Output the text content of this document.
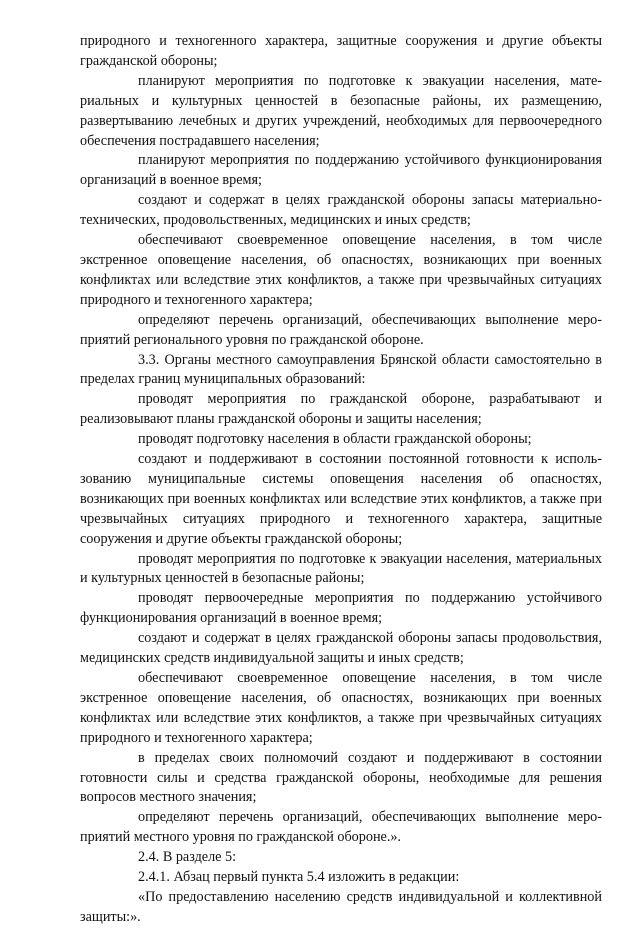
природного и техногенного характера, защитные сооружения и другие объекты гражданской обороны;

планируют мероприятия по подготовке к эвакуации населения, материальных и культурных ценностей в безопасные районы, их размещению, развертыванию лечебных и других учреждений, необходимых для первоочередного обеспечения пострадавшего населения;

планируют мероприятия по поддержанию устойчивого функционирования организаций в военное время;

создают и содержат в целях гражданской обороны запасы материально-технических, продовольственных, медицинских и иных средств;

обеспечивают своевременное оповещение населения, в том числе экстренное оповещение населения, об опасностях, возникающих при военных конфликтах или вследствие этих конфликтов, а также при чрезвычайных ситуациях природного и техногенного характера;

определяют перечень организаций, обеспечивающих выполнение мероприятий регионального уровня по гражданской обороне.

3.3. Органы местного самоуправления Брянской области самостоятельно в пределах границ муниципальных образований:

проводят мероприятия по гражданской обороне, разрабатывают и реализовывают планы гражданской обороны и защиты населения;

проводят подготовку населения в области гражданской обороны;

создают и поддерживают в состоянии постоянной готовности к использованию муниципальные системы оповещения населения об опасностях, возникающих при военных конфликтах или вследствие этих конфликтов, а также при чрезвычайных ситуациях природного и техногенного характера, защитные сооружения и другие объекты гражданской обороны;

проводят мероприятия по подготовке к эвакуации населения, материальных и культурных ценностей в безопасные районы;

проводят первоочередные мероприятия по поддержанию устойчивого функционирования организаций в военное время;

создают и содержат в целях гражданской обороны запасы продовольствия, медицинских средств индивидуальной защиты и иных средств;

обеспечивают своевременное оповещение населения, в том числе экстренное оповещение населения, об опасностях, возникающих при военных конфликтах или вследствие этих конфликтов, а также при чрезвычайных ситуациях природного и техногенного характера;

в пределах своих полномочий создают и поддерживают в состоянии готовности силы и средства гражданской обороны, необходимые для решения вопросов местного значения;

определяют перечень организаций, обеспечивающих выполнение мероприятий местного уровня по гражданской обороне.».

2.4. В разделе 5:

2.4.1. Абзац первый пункта 5.4 изложить в редакции:

«По предоставлению населению средств индивидуальной и коллективной защиты:».
